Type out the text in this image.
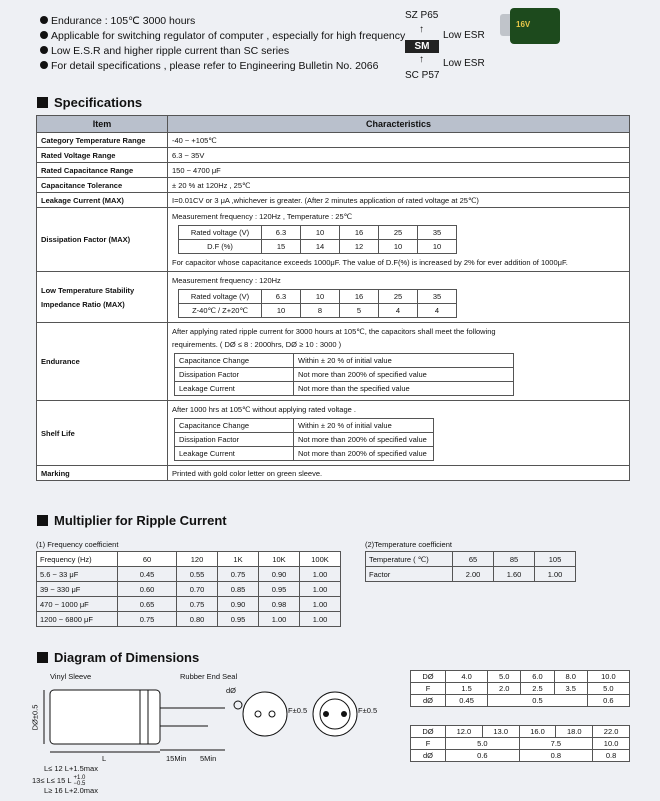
Endurance : 105℃ 3000 hours
Applicable for switching regulator of computer , especially for high frequency
Low E.S.R and higher ripple current than SC series
For detail specifications , please refer to Engineering Bulletin No. 2066
SZ P65
↑
Low ESR
SM
↑ Low ESR
SC P57
16V
Specifications
Item	Characteristics
Category Temperature Range	-40 ~ +105℃
Rated Voltage Range	6.3 ~ 35V
Rated Capacitance Range	150 ~ 4700 μF
Capacitance Tolerance	± 20 % at 120Hz , 25℃
Leakage Current (MAX)	I=0.01CV or 3 μA ,whichever is greater. (After 2 minutes application of rated voltage at 25℃)
Dissipation Factor (MAX)	
Measurement frequency : 120Hz , Temperature : 25℃
Rated voltage (V)	6.3	10	16	25	35
D.F (%)	15	14	12	10	10
For capacitor whose capacitance exceeds 1000μF. The value of D.F(%) is increased by 2% for ever addition of 1000μF.

Low Temperature Stability
Impedance Ratio (MAX)

Measurement frequency : 120Hz
Rated voltage (V)	6.3	10	16	25	35
Z-40℃ / Z+20℃	10	8	5	4	4

Endurance	
After applying rated ripple current for 3000 hours at 105℃, the capacitors shall meet the following
requirements. ( DØ ≤ 8 : 2000hrs, DØ ≥ 10 : 3000 )
Capacitance Change	Within ± 20 % of initial value
Dissipation Factor	Not more than 200% of specified value
Leakage Current	Not more than the specified value

Shelf Life	
After 1000 hrs at 105℃ without applying rated voltage .
Capacitance Change	Within ± 20 % of initial value
Dissipation Factor	Not more than 200% of specified value
Leakage Current	Not more than 200% of specified value

Marking	Printed with gold color letter on green sleeve.
Multiplier for Ripple Current
(1) Frequency coefficient
Frequency (Hz)	60	120	1K	10K	100K
5.6 ~ 33 μF	0.45	0.55	0.75	0.90	1.00
39 ~ 330 μF	0.60	0.70	0.85	0.95	1.00
470 ~ 1000 μF	0.65	0.75	0.90	0.98	1.00
1200 ~ 6800 μF	0.75	0.80	0.95	1.00	1.00
(2)Temperature coefficient
Temperature ( ℃)	65	85	105
Factor	2.00	1.60	1.00
Diagram of Dimensions
Vinyl Sleeve	Rubber End Seal
dØ
DØ±0.5	F±0.5	F±0.5
L	15Min 5Min
L≤ 12 L+1.5max
13≤ L≤ 15 L +1.0
−0.5
L≥ 16 L+2.0max
DØ	4.0	5.0	6.0	8.0	10.0
F	1.5	2.0	2.5	3.5	5.0
dØ	0.45	0.5			0.6
DØ	12.0	13.0	16.0	18.0	22.0
F	5.0		7.5		10.0
dØ	0.6		0.8		0.8
